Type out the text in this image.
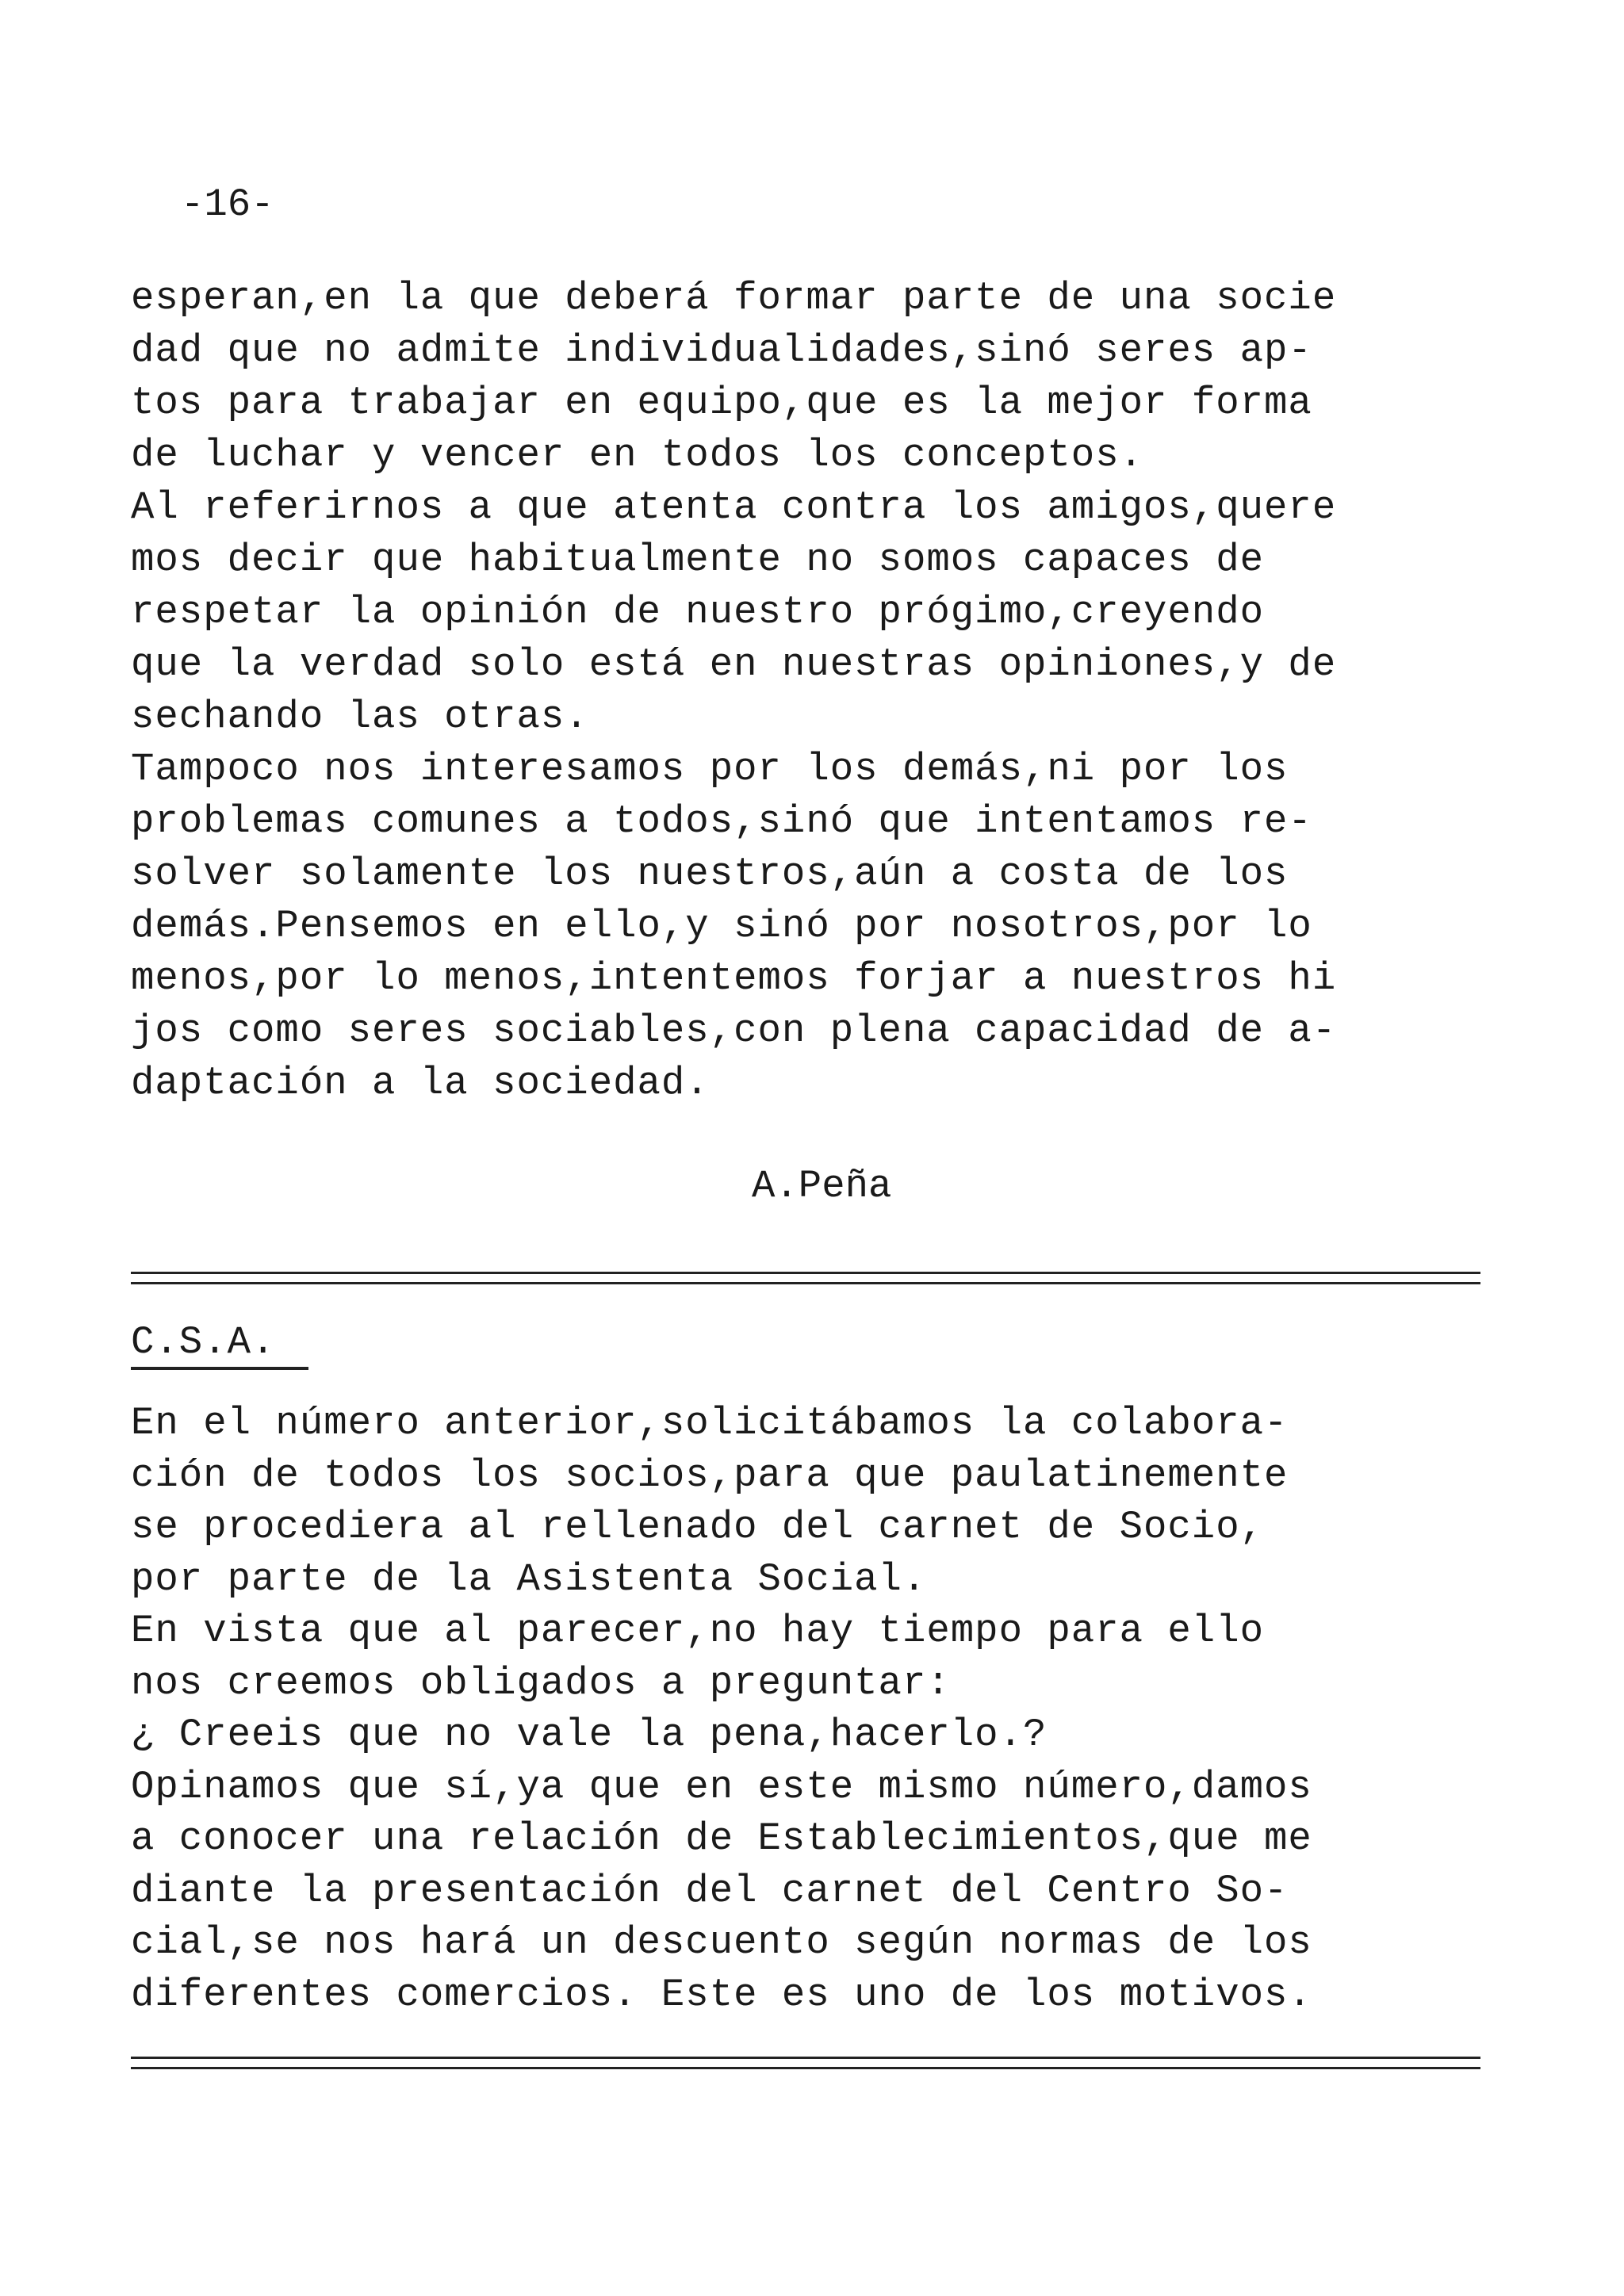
-16-
esperan,en la que deberá formar parte de una socie
dad que no admite individualidades,sinó seres ap-
tos para trabajar en equipo,que es la mejor forma
de luchar y vencer en todos los conceptos.
Al referirnos a que atenta contra los amigos,quere
mos decir que habitualmente no somos capaces de
respetar la opinión de nuestro prógimo,creyendo
que la verdad solo está en nuestras opiniones,y de
sechando las otras.
Tampoco nos interesamos por los demás,ni por los
problemas comunes a todos,sinó que intentamos re-
solver solamente los nuestros,aún a costa de los
demás.Pensemos en ello,y sinó por nosotros,por lo
menos,por lo menos,intentemos forjar a nuestros hi
jos como seres sociables,con plena capacidad de a-
daptación a la sociedad.
A.Peña
C.S.A.
En el número anterior,solicitábamos la colabora-
ción de todos los socios,para que paulatinemente
se procediera al rellenado del carnet de Socio,
por parte de la Asistenta Social.
En vista que al parecer,no hay tiempo para ello
nos creemos obligados a preguntar:
¿ Creeis que no vale la pena,hacerlo.?
Opinamos que sí,ya que en este mismo número,damos
a conocer una relación de Establecimientos,que me
diante la presentación del carnet del Centro So-
cial,se nos hará un descuento según normas de los
diferentes comercios. Este es uno de los motivos.
